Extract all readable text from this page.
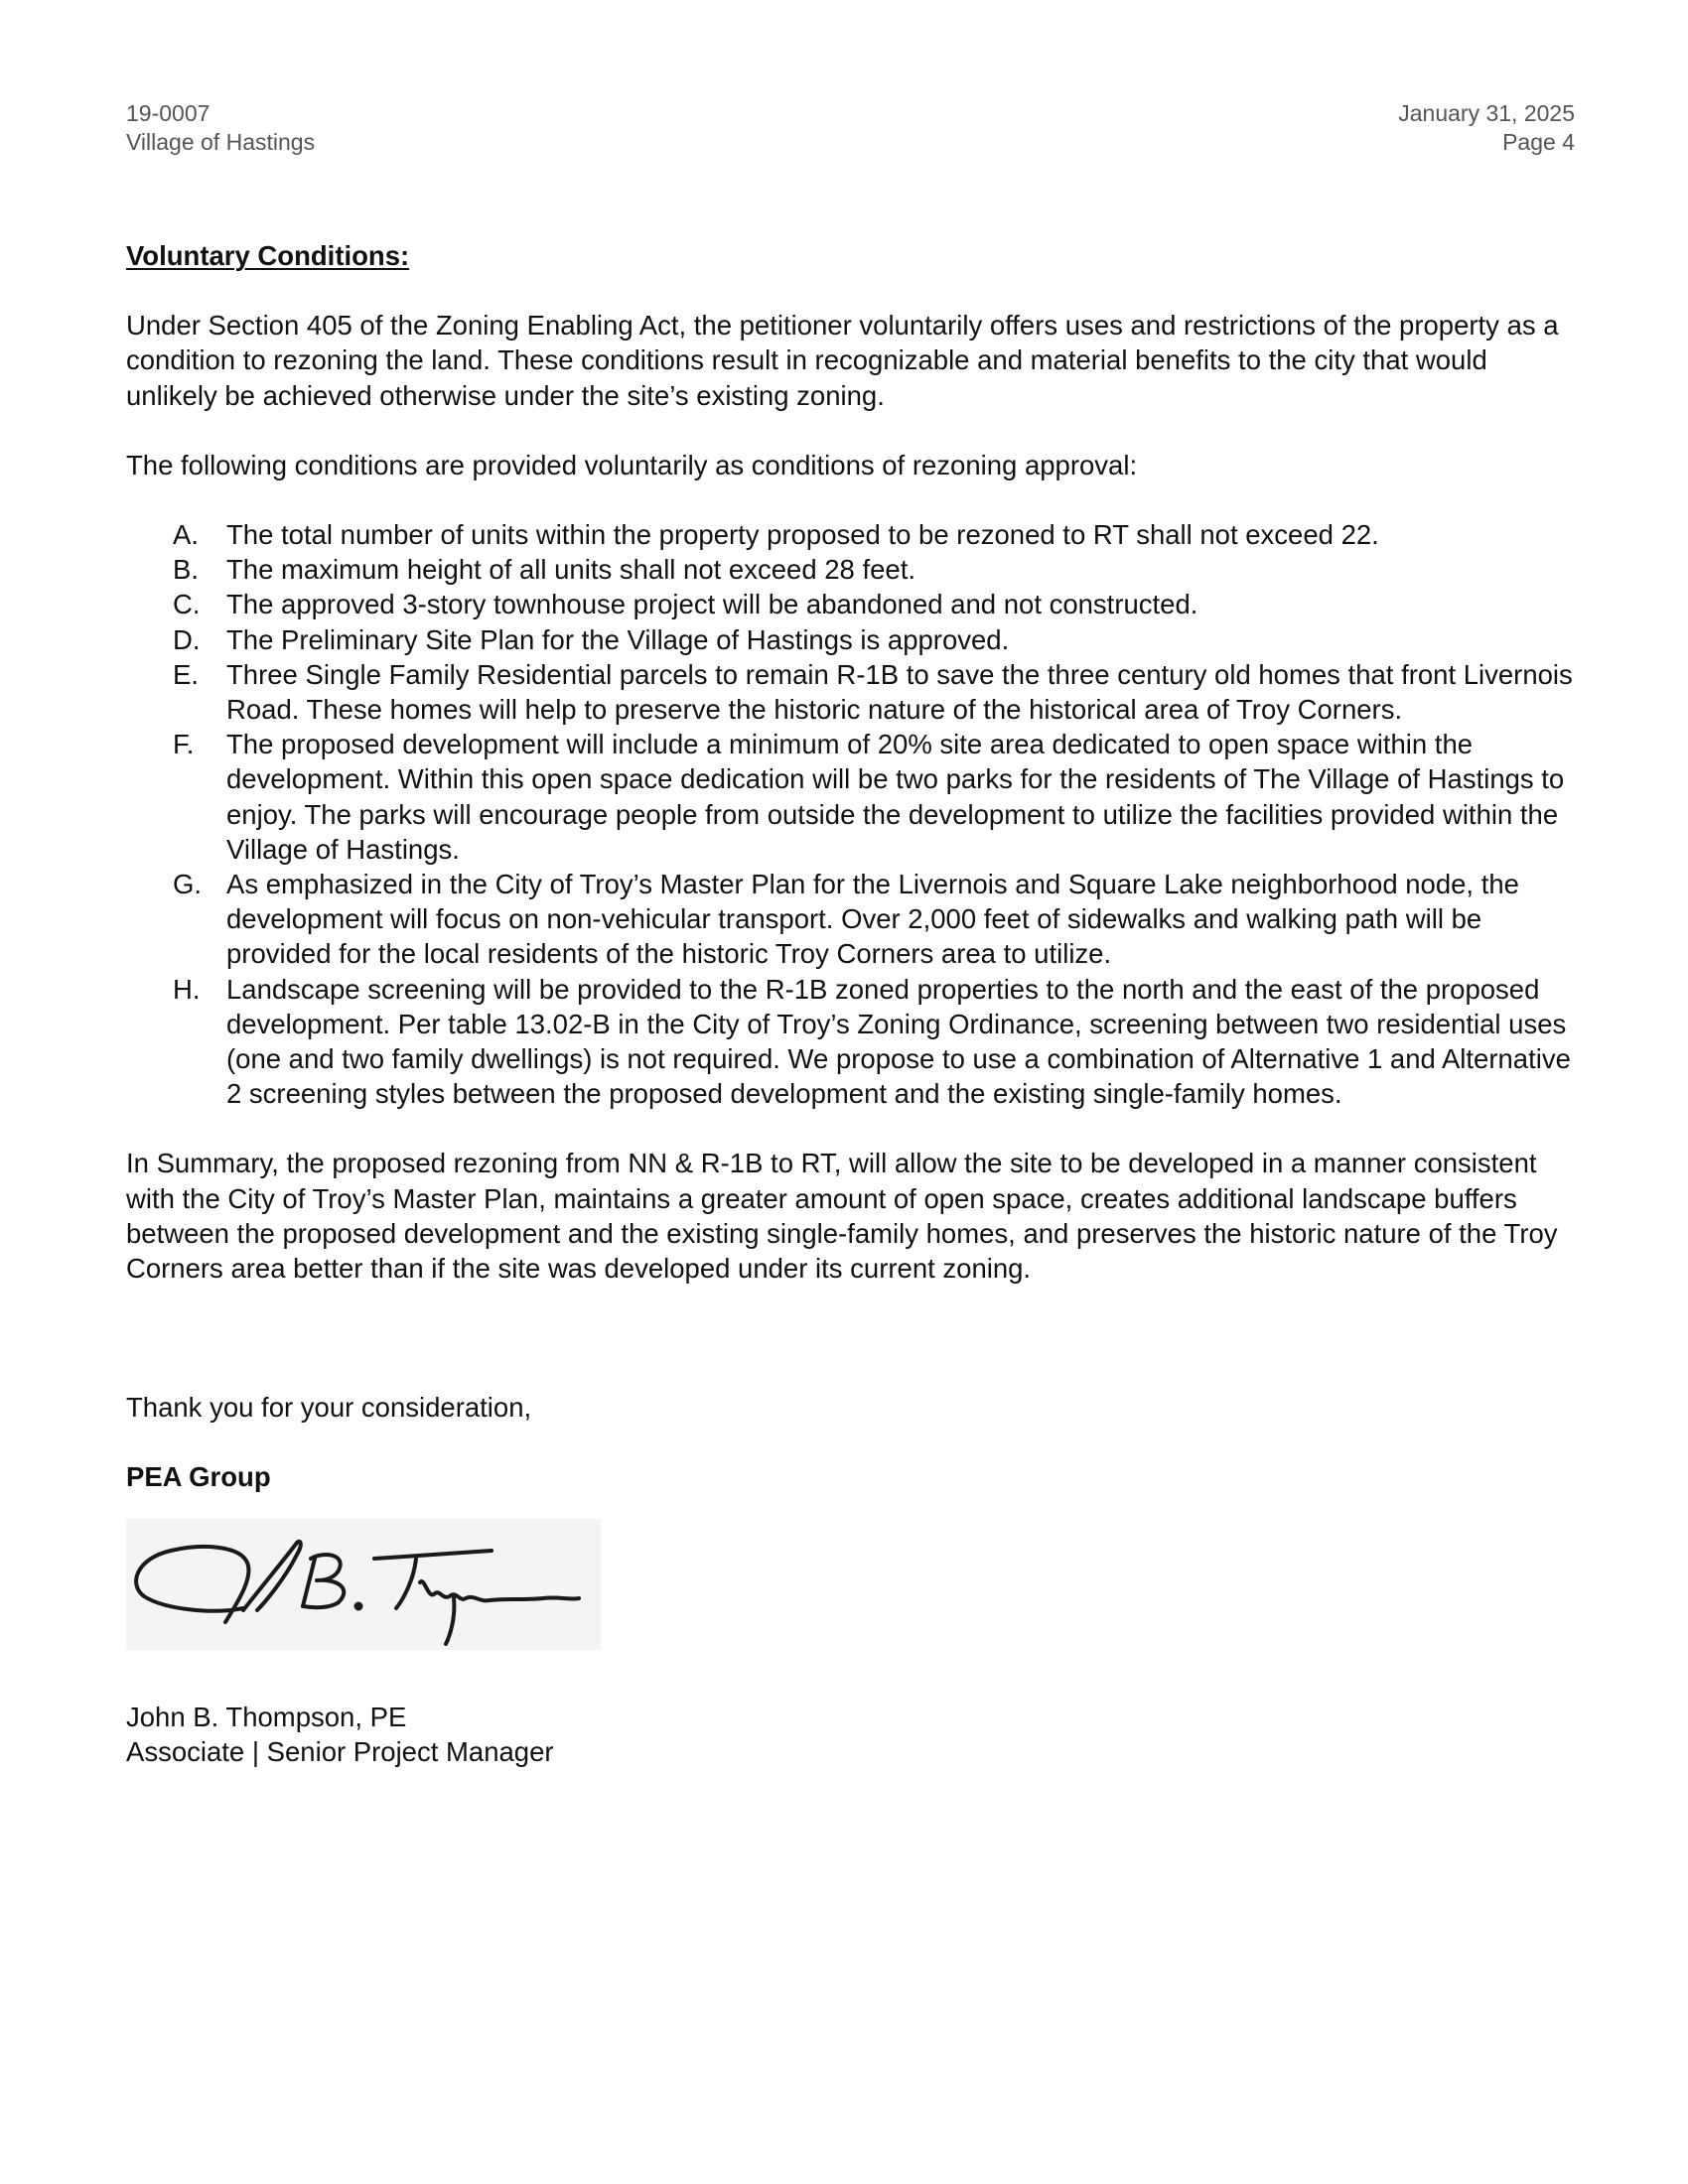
19-0007
Village of Hastings
January 31, 2025
Page 4
Voluntary Conditions:

Under Section 405 of the Zoning Enabling Act, the petitioner voluntarily offers uses and restrictions of the property as a condition to rezoning the land. These conditions result in recognizable and material benefits to the city that would unlikely be achieved otherwise under the site’s existing zoning.

The following conditions are provided voluntarily as conditions of rezoning approval:

A. The total number of units within the property proposed to be rezoned to RT shall not exceed 22.
B. The maximum height of all units shall not exceed 28 feet.
C. The approved 3-story townhouse project will be abandoned and not constructed.
D. The Preliminary Site Plan for the Village of Hastings is approved.
E. Three Single Family Residential parcels to remain R-1B to save the three century old homes that front Livernois Road. These homes will help to preserve the historic nature of the historical area of Troy Corners.
F. The proposed development will include a minimum of 20% site area dedicated to open space within the development. Within this open space dedication will be two parks for the residents of The Village of Hastings to enjoy. The parks will encourage people from outside the development to utilize the facilities provided within the Village of Hastings.
G. As emphasized in the City of Troy’s Master Plan for the Livernois and Square Lake neighborhood node, the development will focus on non-vehicular transport. Over 2,000 feet of sidewalks and walking path will be provided for the local residents of the historic Troy Corners area to utilize.
H. Landscape screening will be provided to the R-1B zoned properties to the north and the east of the proposed development. Per table 13.02-B in the City of Troy’s Zoning Ordinance, screening between two residential uses (one and two family dwellings) is not required. We propose to use a combination of Alternative 1 and Alternative 2 screening styles between the proposed development and the existing single-family homes.

In Summary, the proposed rezoning from NN & R-1B to RT, will allow the site to be developed in a manner consistent with the City of Troy’s Master Plan, maintains a greater amount of open space, creates additional landscape buffers between the proposed development and the existing single-family homes, and preserves the historic nature of the Troy Corners area better than if the site was developed under its current zoning.

Thank you for your consideration,
PEA Group
John B. Thompson, PE
Associate | Senior Project Manager
